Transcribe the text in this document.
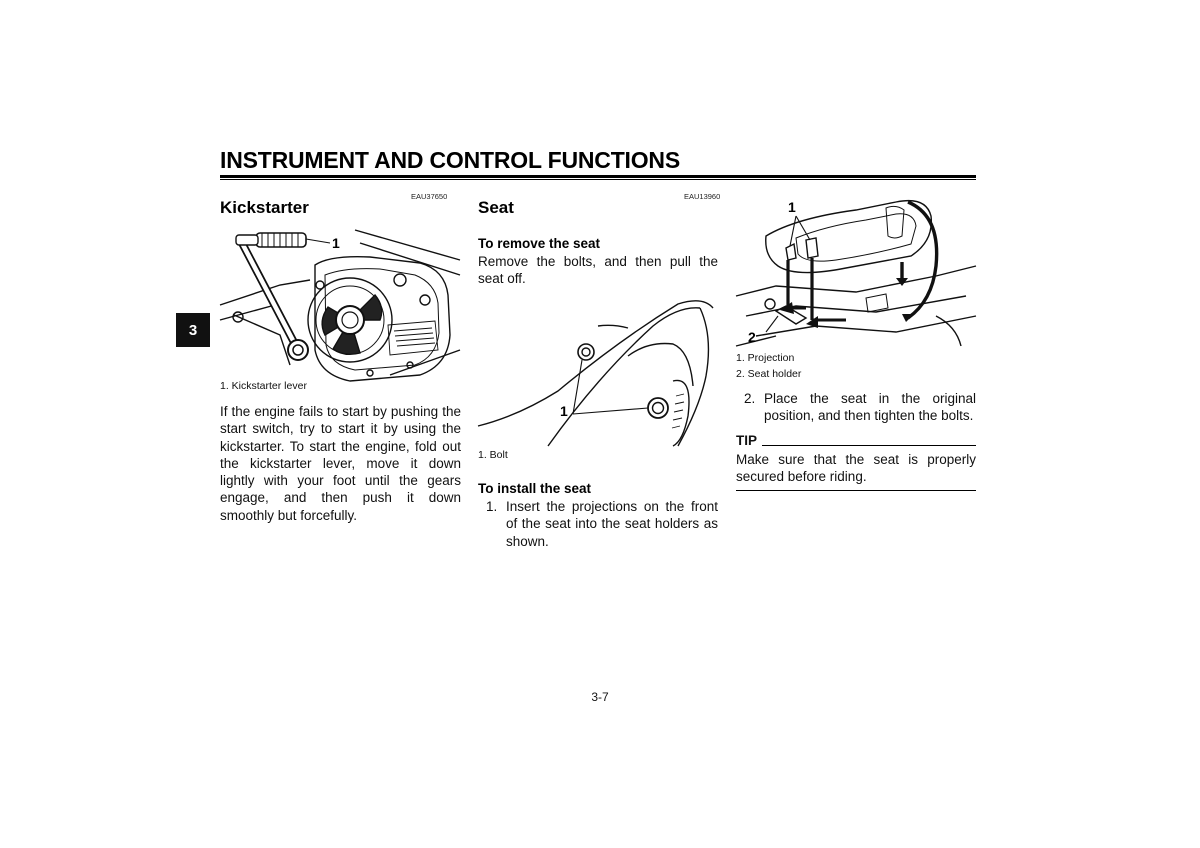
INSTRUMENT AND CONTROL FUNCTIONS
3
EAU37650
Kickstarter
1
1. Kickstarter lever
If the engine fails to start by pushing the start switch, try to start it by using the kickstarter. To start the engine, fold out the kickstarter lever, move it down lightly with your foot until the gears engage, and then push it down smoothly but forcefully.
EAU13960
Seat
To remove the seat
Remove the bolts, and then pull the seat off.
1
1. Bolt
To install the seat
1. Insert the projections on the front of the seat into the seat holders as shown.
1
2
1. Projection
2. Seat holder
2. Place the seat in the original position, and then tighten the bolts.
TIP
Make sure that the seat is properly secured before riding.
3-7
